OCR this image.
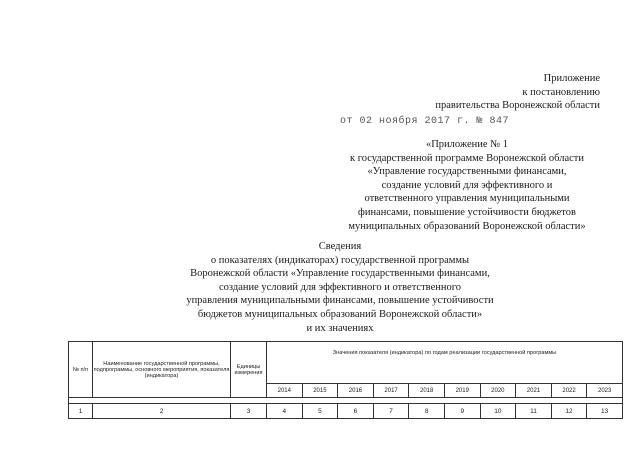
Приложение
к постановлению
правительства Воронежской области
от 02 ноября 2017 г. № 847
«Приложение № 1
к государственной программе Воронежской области
«Управление государственными финансами,
создание условий для эффективного и
ответственного управления муниципальными
финансами, повышение устойчивости бюджетов
муниципальных образований Воронежской области»
Сведения
о показателях (индикаторах) государственной программы
Воронежской области «Управление государственными финансами,
создание условий для эффективного и ответственного
управления муниципальными финансами, повышение устойчивости
бюджетов муниципальных образований Воронежской области»
и их значениях
№ п/п	Наименование государственной программы, подпрограммы, основного мероприятия, показателя (индикатора)	Единицы измерения	Значения показателя (индикатора) по годам реализации государственной программы									
			2014	2015	2016	2017	2018	2019	2020	2021	2022	2023

1	2	3	4	5	6	7	8	9	10	11	12	13
